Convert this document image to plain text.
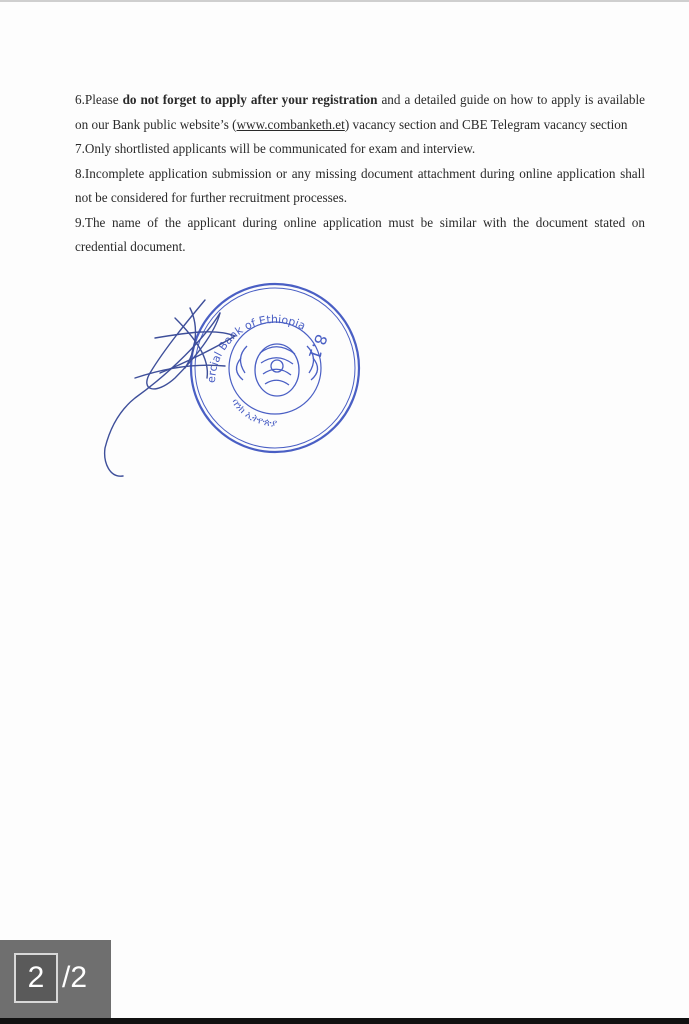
6.Please do not forget to apply after your registration and a detailed guide on how to apply is available on our Bank public website’s (www.combanketh.et) vacancy section and CBE Telegram vacancy section

7.Only shortlisted applicants will be communicated for exam and interview.

8.Incomplete application submission or any missing document attachment during online application shall not be considered for further recruitment processes.

9.The name of the applicant during online application must be similar with the document stated on credential document.

ercial Bank of Ethiopia
ባንክ ኢትዮጵያ
8.1
2 /2
